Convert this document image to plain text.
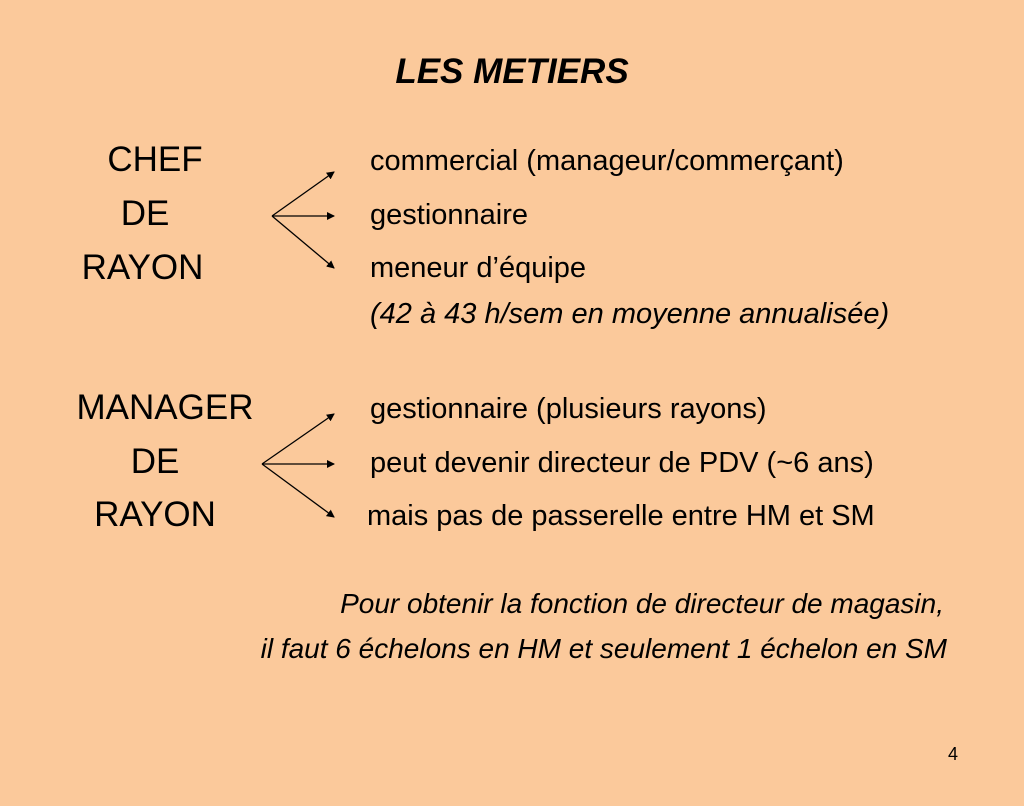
LES METIERS
CHEF
DE
RAYON
commercial (manageur/commerçant)
gestionnaire
meneur d’équipe
(42 à 43 h/sem en moyenne annualisée)
MANAGER
DE
RAYON
gestionnaire (plusieurs rayons)
peut devenir directeur de PDV (~6 ans)
mais pas de passerelle entre HM et SM
Pour obtenir la fonction de directeur de magasin,
il faut 6 échelons en HM et seulement 1 échelon en SM
4
